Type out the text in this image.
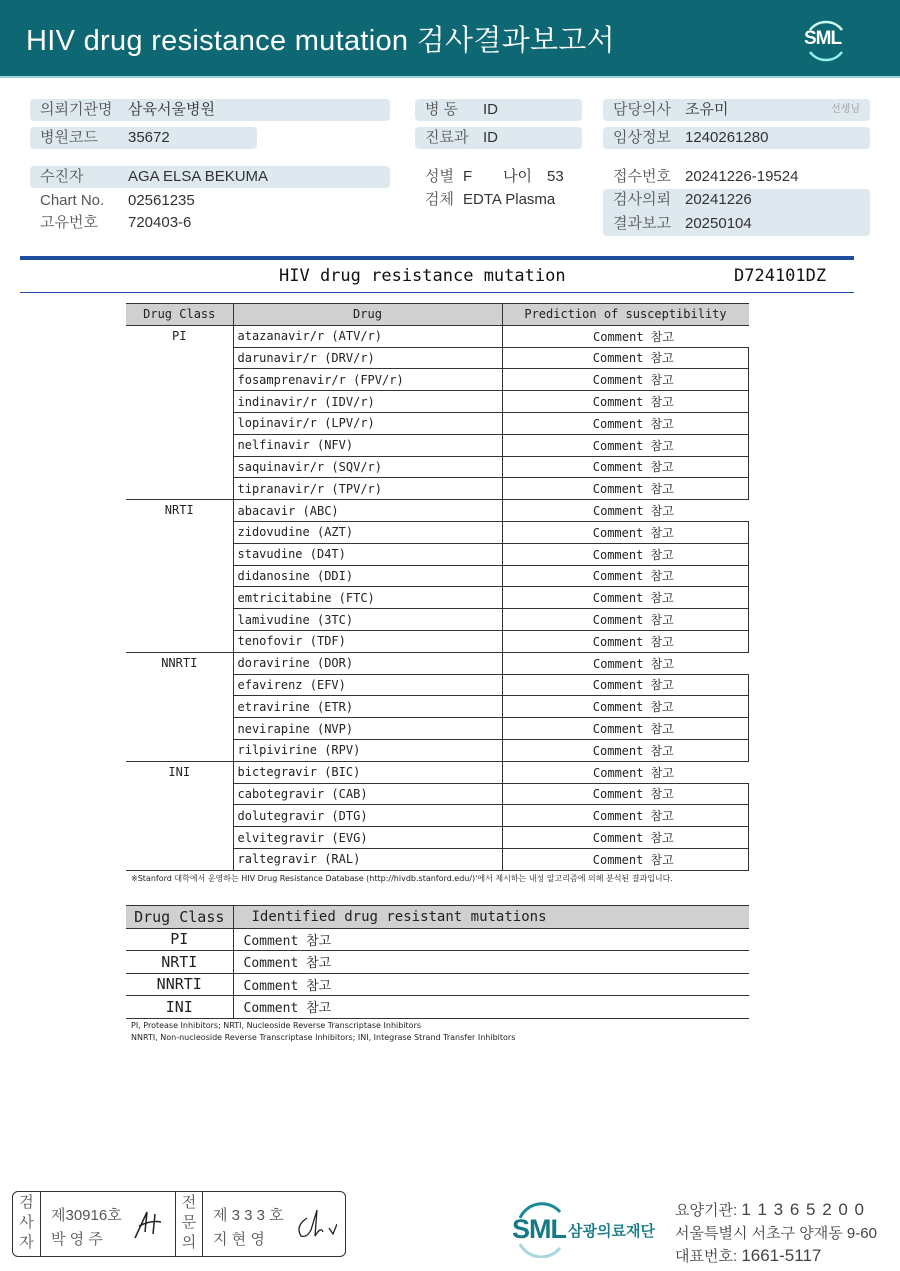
HIV drug resistance mutation 검사결과보고서	SML
의뢰기관명 삼육서울병원
병원코드 35672
병 동 ID
진료과 ID
담당의사 조유미	선생님
임상정보 1240261280
수진자	AGA ELSA BEKUMA
Chart No. 02561235
고유번호 720403-6
성별 F 나이 53
검체 EDTA Plasma
접수번호 20241226-19524
검사의뢰 20241226
결과보고 20250104
HIV drug resistance mutation	D724101DZ
Drug Class	Drug	Prediction of susceptibility
PI	atazanavir/r (ATV/r)	Comment 참고
	darunavir/r (DRV/r)	Comment 참고
	fosamprenavir/r (FPV/r)	Comment 참고
	indinavir/r (IDV/r)	Comment 참고
	lopinavir/r (LPV/r)	Comment 참고
	nelfinavir (NFV)	Comment 참고
	saquinavir/r (SQV/r)	Comment 참고
	tipranavir/r (TPV/r)	Comment 참고
NRTI	abacavir (ABC)	Comment 참고
	zidovudine (AZT)	Comment 참고
	stavudine (D4T)	Comment 참고
	didanosine (DDI)	Comment 참고
	emtricitabine (FTC)	Comment 참고
	lamivudine (3TC)	Comment 참고
	tenofovir (TDF)	Comment 참고
NNRTI	doravirine (DOR)	Comment 참고
	efavirenz (EFV)	Comment 참고
	etravirine (ETR)	Comment 참고
	nevirapine (NVP)	Comment 참고
	rilpivirine (RPV)	Comment 참고
INI	bictegravir (BIC)	Comment 참고
	cabotegravir (CAB)	Comment 참고
	dolutegravir (DTG)	Comment 참고
	elvitegravir (EVG)	Comment 참고
	raltegravir (RAL)	Comment 참고
※Stanford 대학에서 운영하는 HIV Drug Resistance Database (http://hivdb.stanford.edu/)'에서 제시하는 내성 알고리즘에 의해 분석된 결과입니다.
Drug Class	Identified drug resistant mutations
PI	Comment 참고
NRTI	Comment 참고
NNRTI	Comment 참고
INI	Comment 참고
PI, Protease Inhibitors; NRTI, Nucleoside Reverse Transcriptase Inhibitors
NNRTI, Non-nucleoside Reverse Transcriptase Inhibitors; INI, Integrase Strand Transfer Inhibitors
검사자
제30916호
박 영 주
전문의
제 3 3 3 호
지 현 영	SML 삼광의료재단
요양기관: 1 1 3 6 5 2 0 0
서울특별시 서초구 양재동 9-60
대표번호: 1661-5117
